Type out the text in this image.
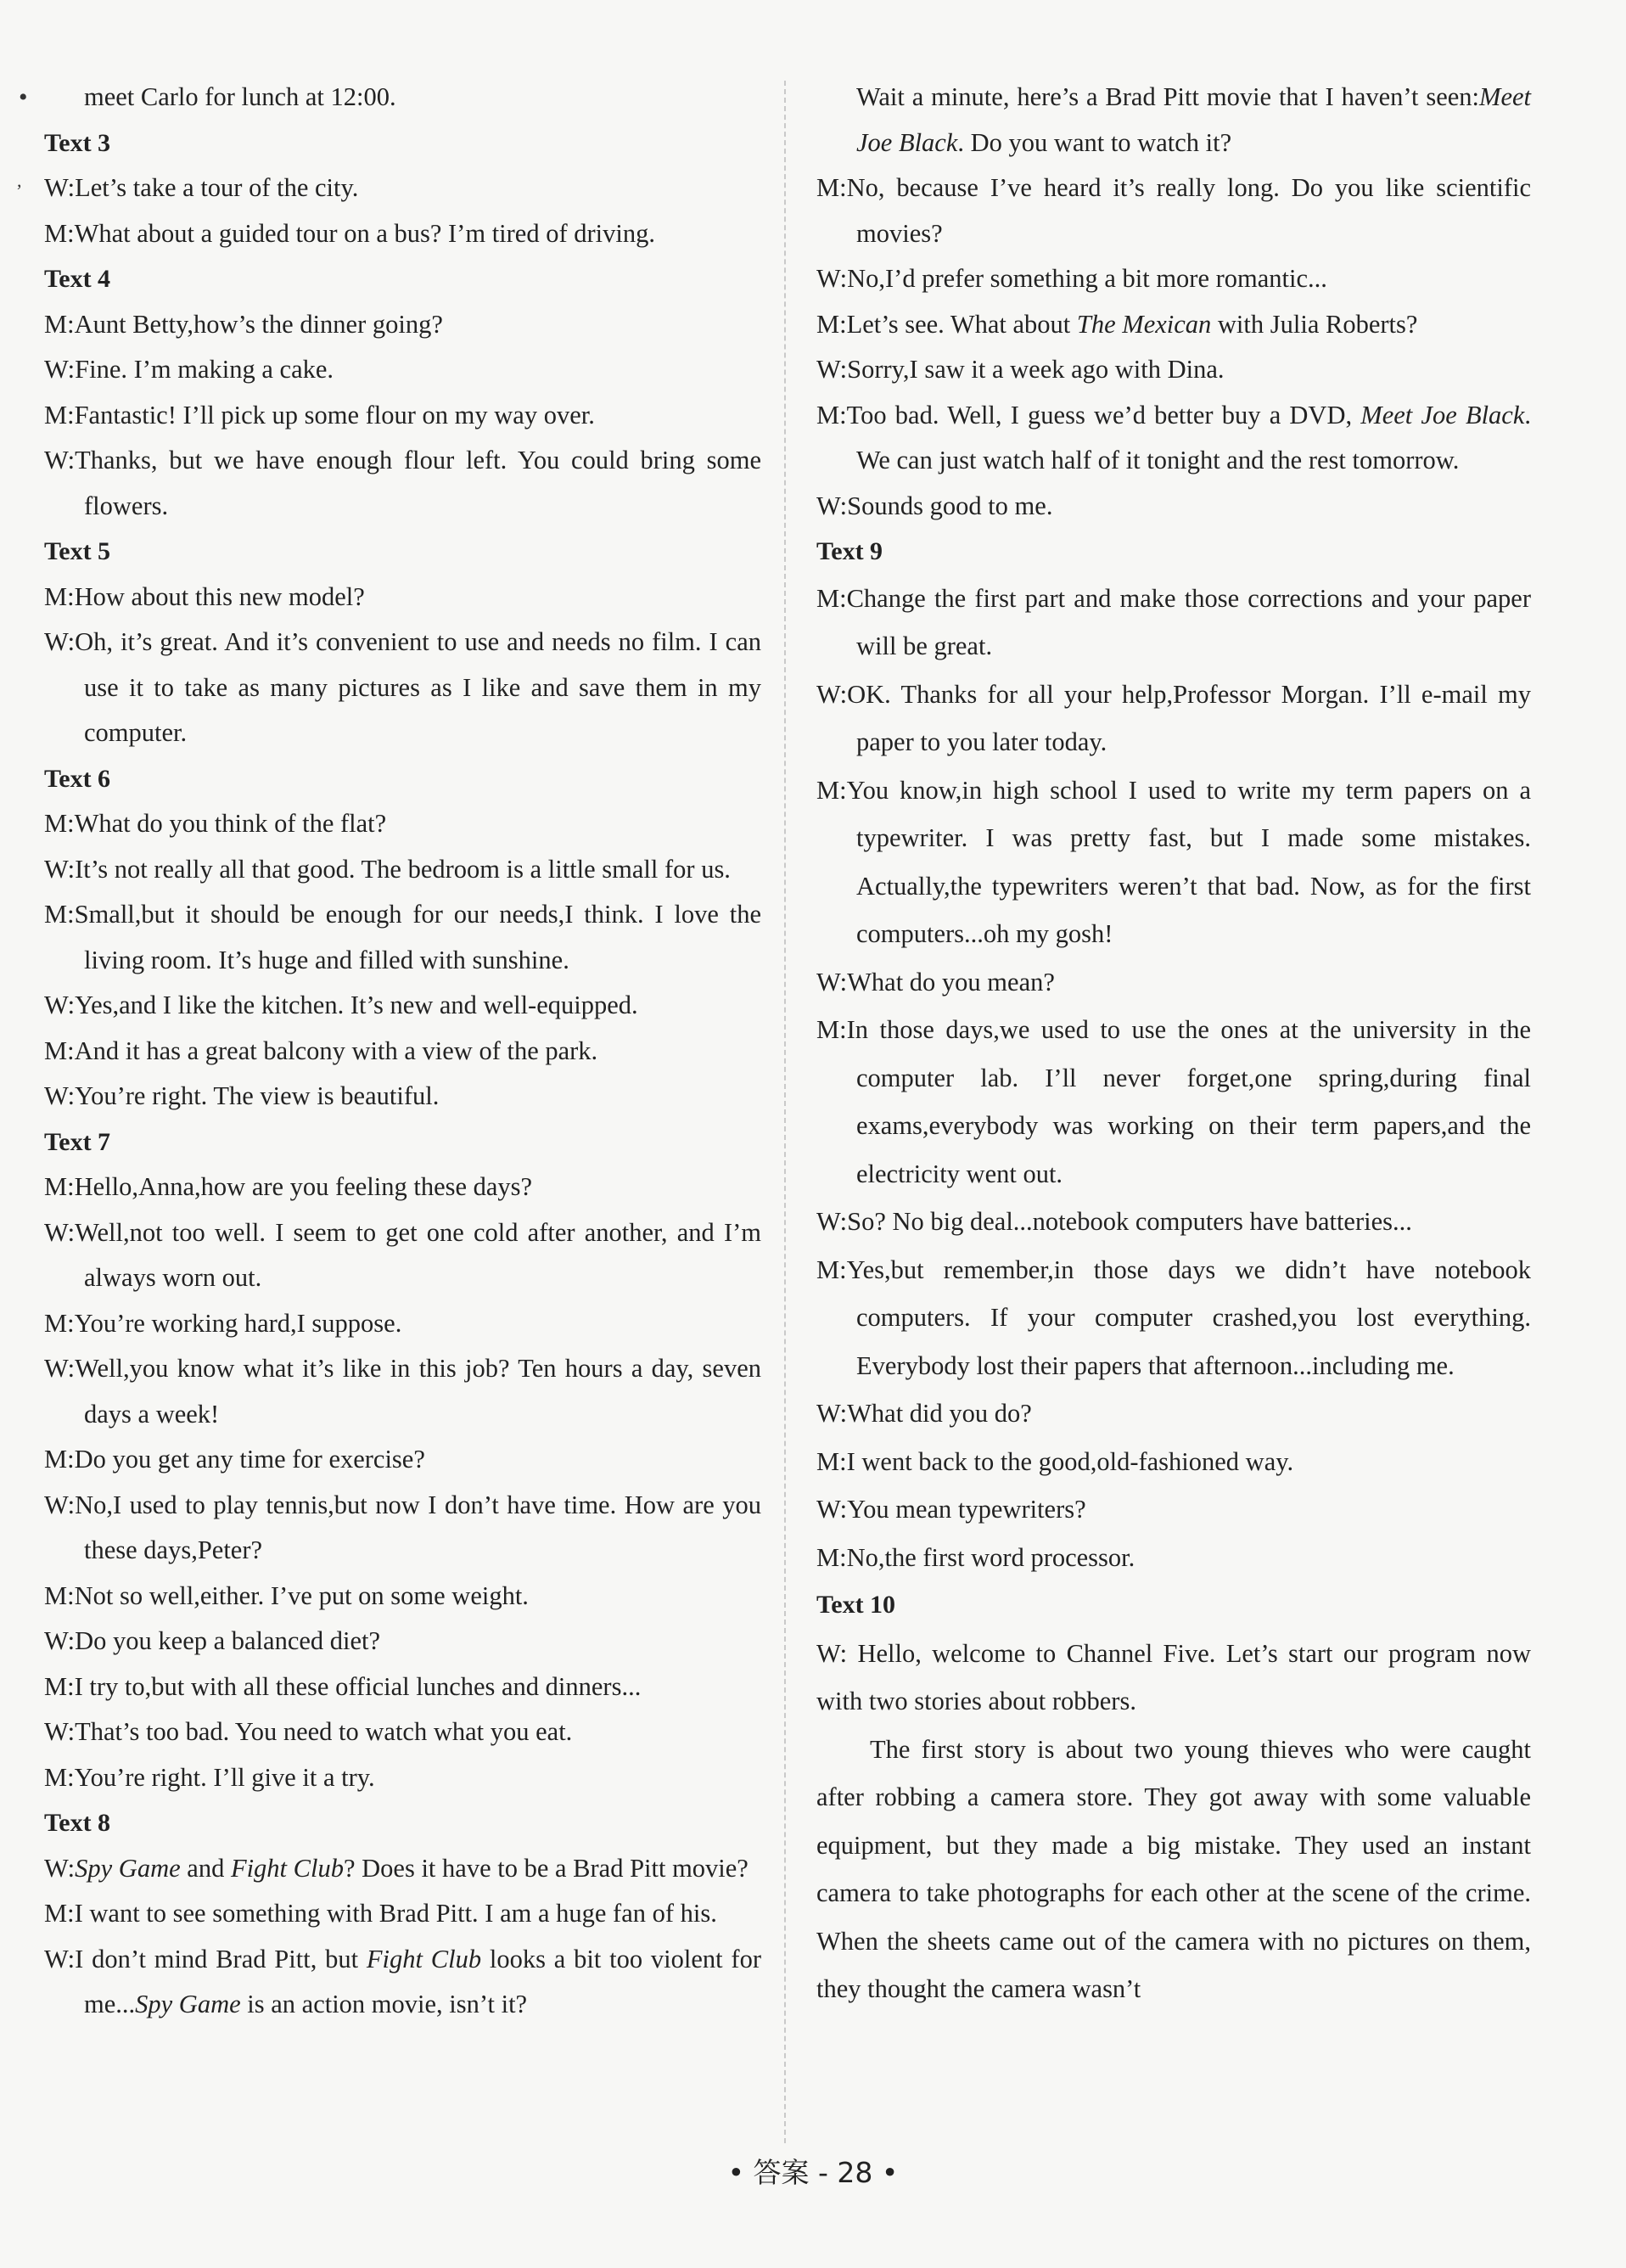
•
,

meet Carlo for lunch at 12:00.

Text 3

W:Let’s take a tour of the city.

M:What about a guided tour on a bus? I’m tired of driving.

Text 4

M:Aunt Betty,how’s the dinner going?

W:Fine. I’m making a cake.

M:Fantastic! I’ll pick up some flour on my way over.

W:Thanks, but we have enough flour left. You could bring some flowers.

Text 5

M:How about this new model?

W:Oh, it’s great. And it’s convenient to use and needs no film. I can use it to take as many pictures as I like and save them in my computer.

Text 6

M:What do you think of the flat?

W:It’s not really all that good. The bedroom is a little small for us.

M:Small,but it should be enough for our needs,I think. I love the living room. It’s huge and filled with sunshine.

W:Yes,and I like the kitchen. It’s new and well-equipped.

M:And it has a great balcony with a view of the park.

W:You’re right. The view is beautiful.

Text 7

M:Hello,Anna,how are you feeling these days?

W:Well,not too well. I seem to get one cold after another, and I’m always worn out.

M:You’re working hard,I suppose.

W:Well,you know what it’s like in this job? Ten hours a day, seven days a week!

M:Do you get any time for exercise?

W:No,I used to play tennis,but now I don’t have time. How are you these days,Peter?

M:Not so well,either. I’ve put on some weight.

W:Do you keep a balanced diet?

M:I try to,but with all these official lunches and dinners...

W:That’s too bad. You need to watch what you eat.

M:You’re right. I’ll give it a try.

Text 8

W:Spy Game and Fight Club? Does it have to be a Brad Pitt movie?

M:I want to see something with Brad Pitt. I am a huge fan of his.

W:I don’t mind Brad Pitt, but Fight Club looks a bit too violent for me...Spy Game is an action movie, isn’t it?

Wait a minute, here’s a Brad Pitt movie that I haven’t seen:Meet Joe Black. Do you want to watch it?

M:No, because I’ve heard it’s really long. Do you like scientific movies?

W:No,I’d prefer something a bit more romantic...

M:Let’s see. What about The Mexican with Julia Roberts?

W:Sorry,I saw it a week ago with Dina.

M:Too bad. Well, I guess we’d better buy a DVD, Meet Joe Black. We can just watch half of it tonight and the rest tomorrow.

W:Sounds good to me.

Text 9

M:Change the first part and make those corrections and your paper will be great.

W:OK. Thanks for all your help,Professor Morgan. I’ll e-mail my paper to you later today.

M:You know,in high school I used to write my term papers on a typewriter. I was pretty fast, but I made some mistakes. Actually,the typewriters weren’t that bad. Now, as for the first computers...oh my gosh!

W:What do you mean?

M:In those days,we used to use the ones at the university in the computer lab. I’ll never forget,one spring,during final exams,everybody was working on their term papers,and the electricity went out.

W:So? No big deal...notebook computers have batteries...

M:Yes,but remember,in those days we didn’t have notebook computers. If your computer crashed,you lost everything. Everybody lost their papers that afternoon...including me.

W:What did you do?

M:I went back to the good,old-fashioned way.

W:You mean typewriters?

M:No,the first word processor.

Text 10

W: Hello, welcome to Channel Five. Let’s start our program now with two stories about robbers.

The first story is about two young thieves who were caught after robbing a camera store. They got away with some valuable equipment, but they made a big mistake. They used an instant camera to take photographs for each other at the scene of the crime. When the sheets came out of the camera with no pictures on them, they thought the camera wasn’t

• 答案 - 28 •
